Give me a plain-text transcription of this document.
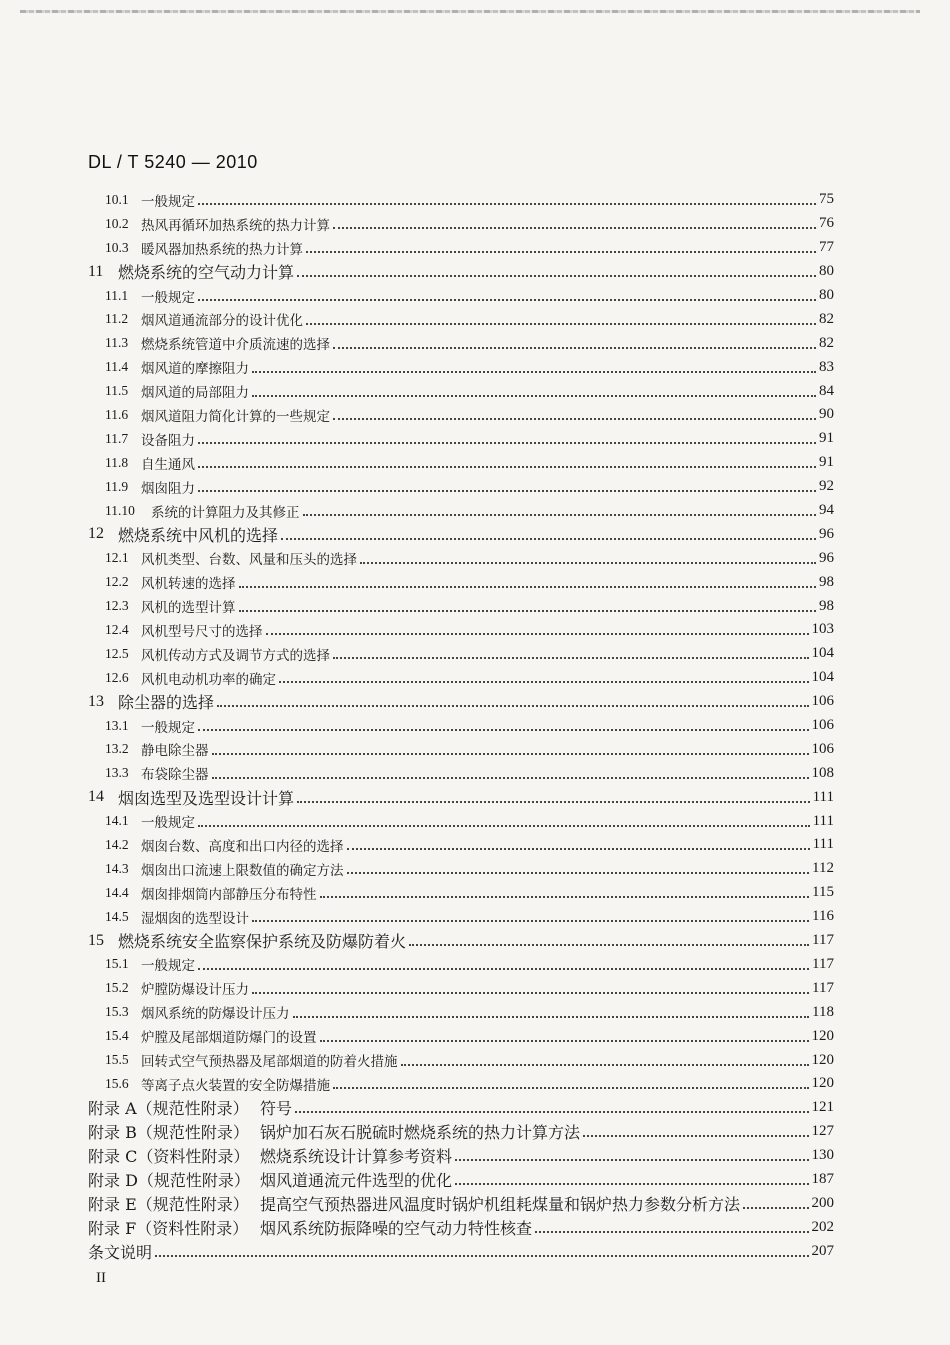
DL / T 5240 — 2010
10.1 一般规定	75
10.2 热风再循环加热系统的热力计算	76
10.3 暖风器加热系统的热力计算	77
11 燃烧系统的空气动力计算	80
11.1 一般规定	80
11.2 烟风道通流部分的设计优化	82
11.3 燃烧系统管道中介质流速的选择	82
11.4 烟风道的摩擦阻力	83
11.5 烟风道的局部阻力	84
11.6 烟风道阻力简化计算的一些规定	90
11.7 设备阻力	91
11.8 自生通风	91
11.9 烟囱阻力	92
11.10	系统的计算阻力及其修正	94
12 燃烧系统中风机的选择	96
12.1 风机类型、台数、风量和压头的选择	96
12.2 风机转速的选择	98
12.3 风机的选型计算	98
12.4 风机型号尺寸的选择	103
12.5 风机传动方式及调节方式的选择	104
12.6 风机电动机功率的确定	104
13 除尘器的选择	106
13.1 一般规定	106
13.2 静电除尘器	106
13.3 布袋除尘器	108
14 烟囱选型及选型设计计算	111
14.1 一般规定	111
14.2 烟囱台数、高度和出口内径的选择	111
14.3 烟囱出口流速上限数值的确定方法	112
14.4 烟囱排烟筒内部静压分布特性	115
14.5 湿烟囱的选型设计	116
15 燃烧系统安全监察保护系统及防爆防着火	117
15.1 一般规定	117
15.2 炉膛防爆设计压力	117
15.3 烟风系统的防爆设计压力	118
15.4 炉膛及尾部烟道防爆门的设置	120
15.5 回转式空气预热器及尾部烟道的防着火措施	120
15.6 等离子点火装置的安全防爆措施	120
附录 A（规范性附录） 符号	121
附录 B（规范性附录） 锅炉加石灰石脱硫时燃烧系统的热力计算方法	127
附录 C（资料性附录） 燃烧系统设计计算参考资料	130
附录 D（规范性附录） 烟风道通流元件选型的优化	187
附录 E（规范性附录） 提高空气预热器进风温度时锅炉机组耗煤量和锅炉热力参数分析方法	200
附录 F（资料性附录） 烟风系统防振降噪的空气动力特性核查	202
条文说明	207
II
